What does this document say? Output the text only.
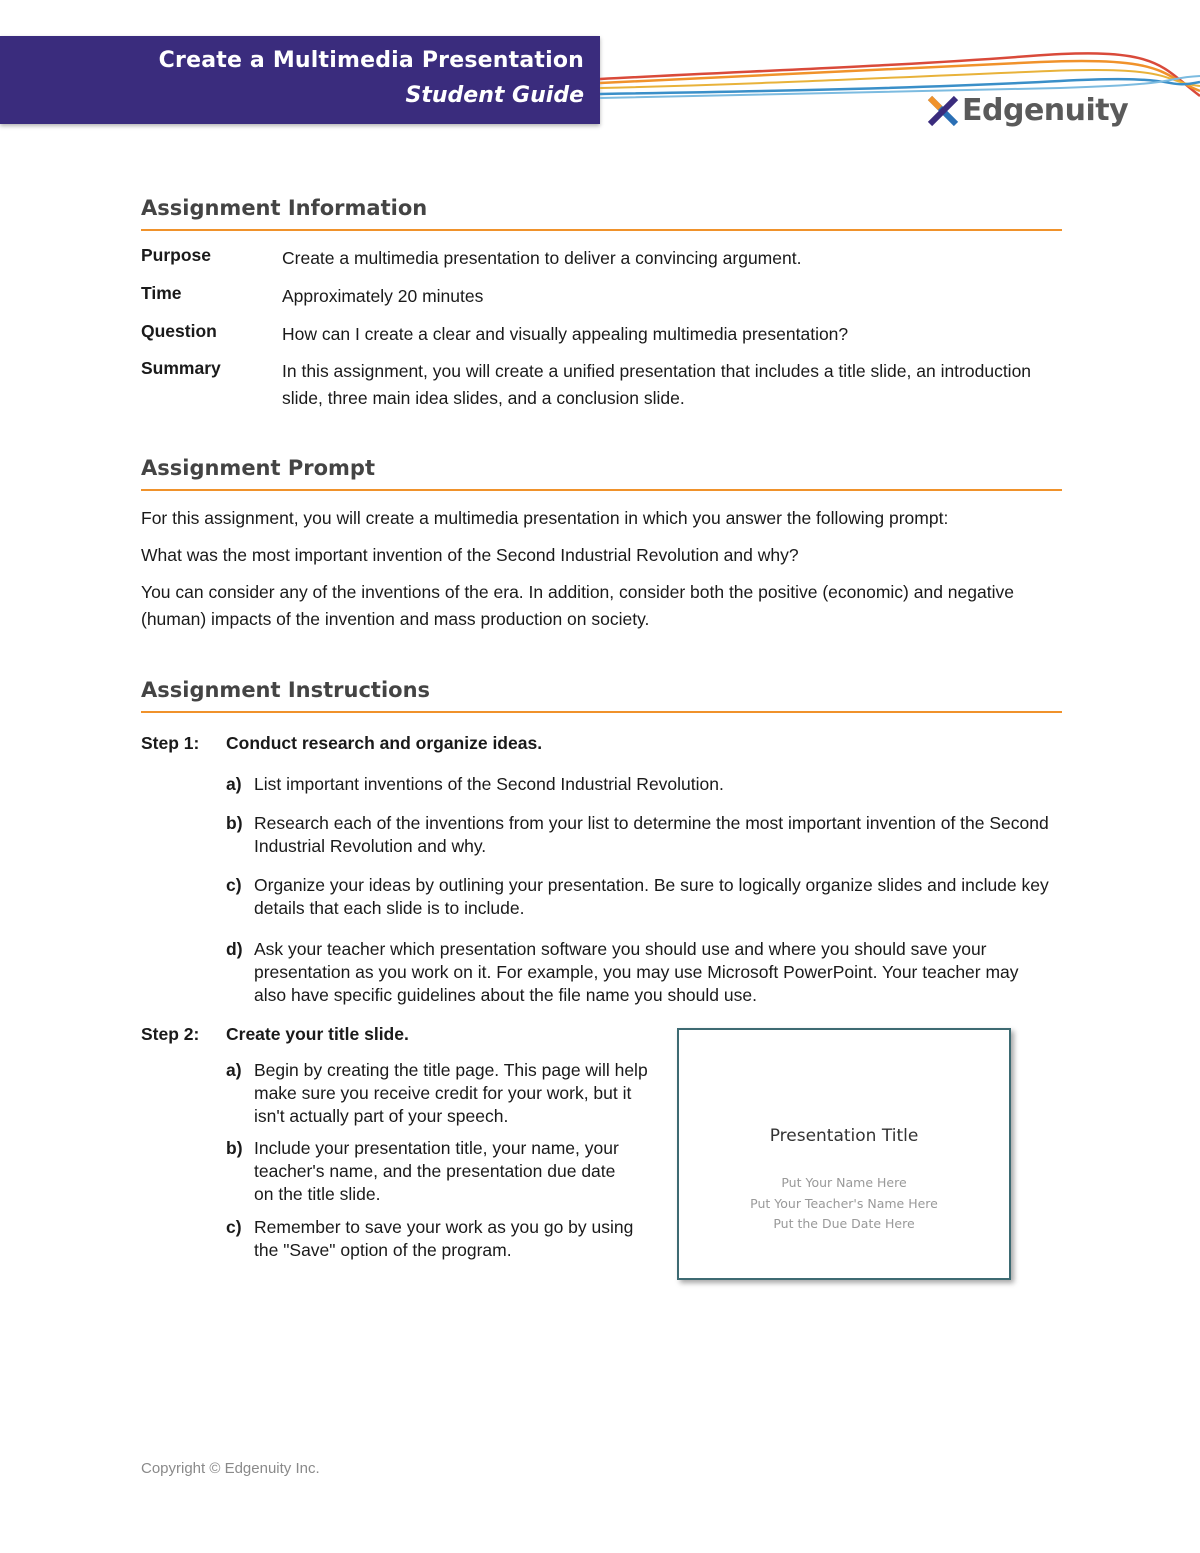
Create a Multimedia Presentation
Student Guide	Edgenuity
Assignment Information
Purpose	Create a multimedia presentation to deliver a convincing argument.
Time	Approximately 20 minutes
Question	How can I create a clear and visually appealing multimedia presentation?
Summary	In this assignment, you will create a unified presentation that includes a title slide, an introduction slide, three main idea slides, and a conclusion slide.
Assignment Prompt
For this assignment, you will create a multimedia presentation in which you answer the following prompt:
What was the most important invention of the Second Industrial Revolution and why?
You can consider any of the inventions of the era. In addition, consider both the positive (economic) and negative (human) impacts of the invention and mass production on society.
Assignment Instructions
Step 1: Conduct research and organize ideas.
a) List important inventions of the Second Industrial Revolution.
b) Research each of the inventions from your list to determine the most important invention of the Second Industrial Revolution and why.
c) Organize your ideas by outlining your presentation. Be sure to logically organize slides and include key details that each slide is to include.
d) Ask your teacher which presentation software you should use and where you should save your presentation as you work on it. For example, you may use Microsoft PowerPoint. Your teacher may also have specific guidelines about the file name you should use.
Step 2: Create your title slide.
a) Begin by creating the title page. This page will help make sure you receive credit for your work, but it isn't actually part of your speech.
b) Include your presentation title, your name, your teacher's name, and the presentation due date on the title slide.
c) Remember to save your work as you go by using the "Save" option of the program.
Presentation Title
Put Your Name Here
Put Your Teacher's Name Here
Put the Due Date Here
Copyright © Edgenuity Inc.
